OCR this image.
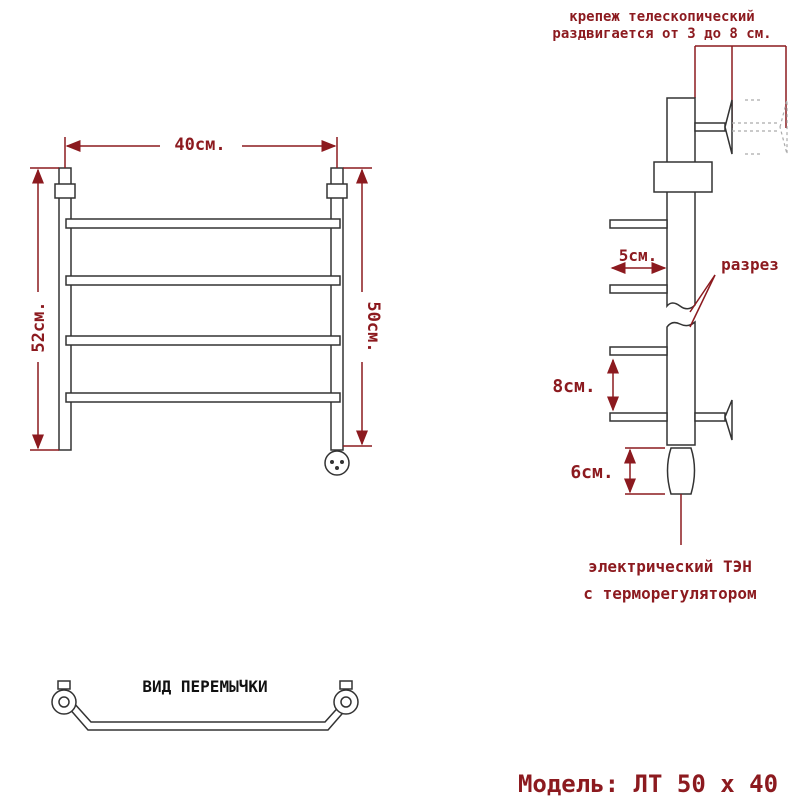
40см.
52см.	50см.
крепеж телескопический
раздвигается от 3 до 8 см.
5см.	разрез
8см.
6см.
электрический ТЭН
с терморегулятором
ВИД ПЕРЕМЫЧКИ
Модель: ЛТ 50 х 40
